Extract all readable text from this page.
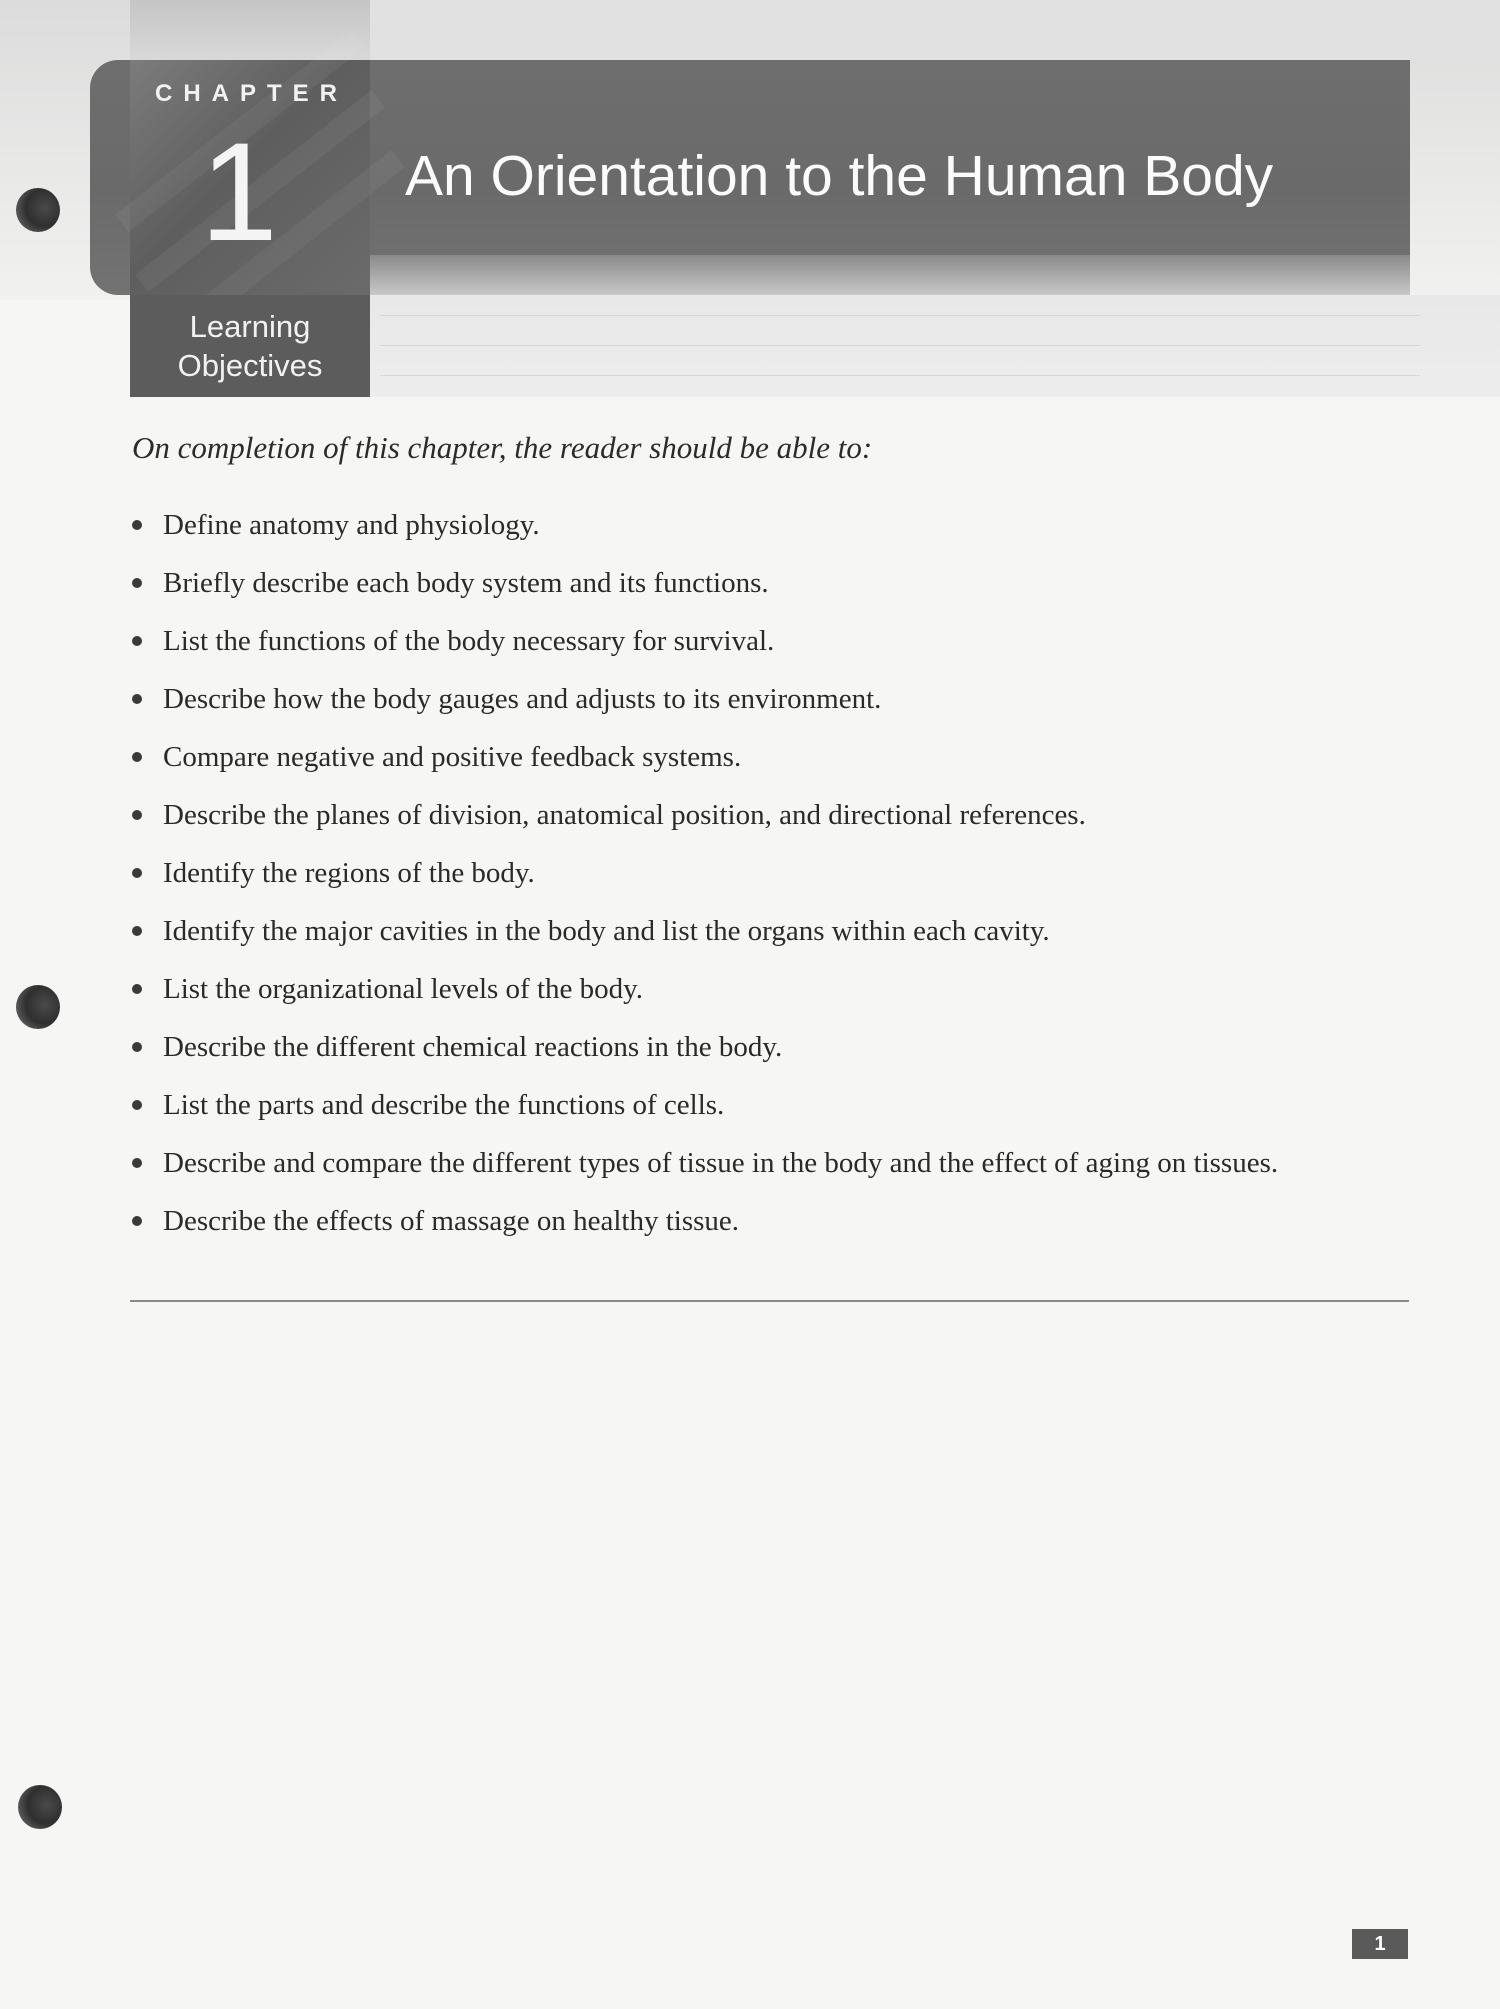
CHAPTER
1 An Orientation to the Human Body
Learning
Objectives
On completion of this chapter, the reader should be able to:
Define anatomy and physiology.
Briefly describe each body system and its functions.
List the functions of the body necessary for survival.
Describe how the body gauges and adjusts to its environment.
Compare negative and positive feedback systems.
Describe the planes of division, anatomical position, and directional references.
Identify the regions of the body.
Identify the major cavities in the body and list the organs within each cavity.
List the organizational levels of the body.
Describe the different chemical reactions in the body.
List the parts and describe the functions of cells.
Describe and compare the different types of tissue in the body and the effect of aging on tissues.
Describe the effects of massage on healthy tissue.
1
